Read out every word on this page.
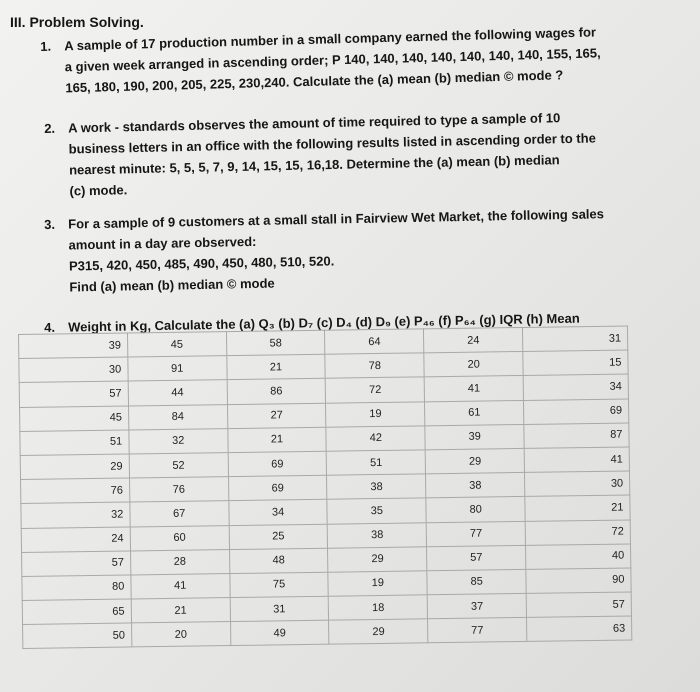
III. Problem Solving.
1. A sample of 17 production number in a small company earned the following wages for
a given week arranged in ascending order; P 140, 140, 140, 140, 140, 140, 140, 155, 165,
165, 180, 190, 200, 205, 225, 230,240. Calculate the (a) mean (b) median © mode ?
2. A work - standards observes the amount of time required to type a sample of 10
business letters in an office with the following results listed in ascending order to the
nearest minute: 5, 5, 5, 7, 9, 14, 15, 15, 16,18. Determine the (a) mean (b) median
(c) mode.
3. For a sample of 9 customers at a small stall in Fairview Wet Market, the following sales
amount in a day are observed:
P315, 420, 450, 485, 490, 450, 480, 510, 520.
Find (a) mean (b) median © mode
4. Weight in Kg, Calculate the (a) Q₃ (b) D₇ (c) D₄ (d) D₉ (e) P₄₆ (f) P₆₄ (g) IQR (h) Mean
39	45	58	64	24	31
30	91	21	78	20	15
57	44	86	72	41	34
45	84	27	19	61	69
51	32	21	42	39	87
29	52	69	51	29	41
76	76	69	38	38	30
32	67	34	35	80	21
24	60	25	38	77	72
57	28	48	29	57	40
80	41	75	19	85	90
65	21	31	18	37	57
50	20	49	29	77	63
